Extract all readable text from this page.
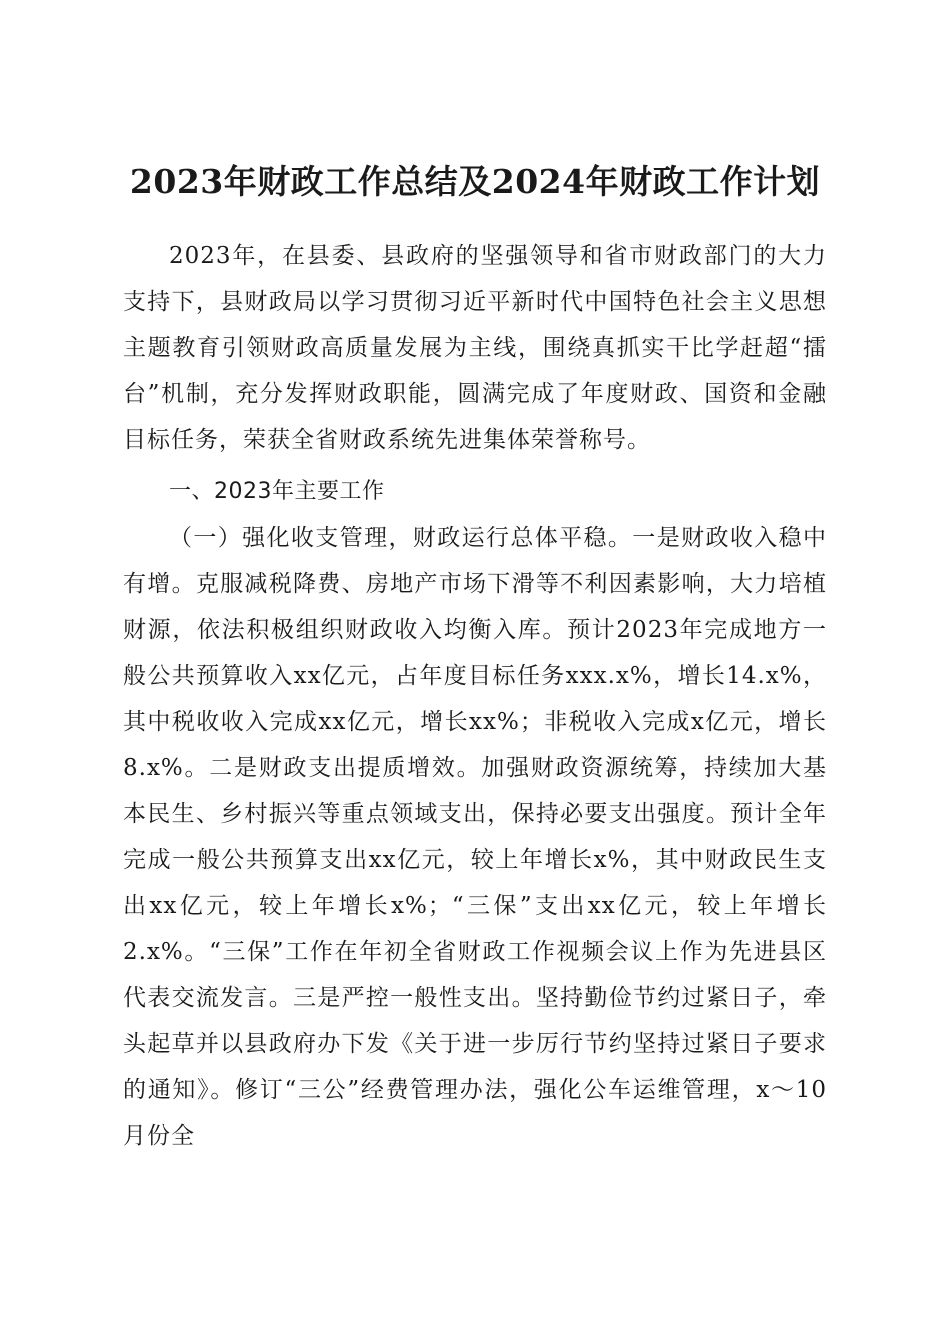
2023年财政工作总结及2024年财政工作计划

2023年，在县委、县政府的坚强领导和省市财政部门的大力支持下，县财政局以学习贯彻习近平新时代中国特色社会主义思想主题教育引领财政高质量发展为主线，围绕真抓实干比学赶超“擂台”机制，充分发挥财政职能，圆满完成了年度财政、国资和金融目标任务，荣获全省财政系统先进集体荣誉称号。

一、2023年主要工作

（一）强化收支管理，财政运行总体平稳。一是财政收入稳中有增。克服减税降费、房地产市场下滑等不利因素影响，大力培植财源，依法积极组织财政收入均衡入库。预计2023年完成地方一般公共预算收入xx亿元，占年度目标任务xxx.x%，增长14.x%，其中税收收入完成xx亿元，增长xx%；非税收入完成x亿元，增长8.x%。二是财政支出提质增效。加强财政资源统筹，持续加大基本民生、乡村振兴等重点领域支出，保持必要支出强度。预计全年完成一般公共预算支出xx亿元，较上年增长x%，其中财政民生支出xx亿元，较上年增长x%；“三保”支出xx亿元，较上年增长2.x%。“三保”工作在年初全省财政工作视频会议上作为先进县区代表交流发言。三是严控一般性支出。坚持勤俭节约过紧日子，牵头起草并以县政府办下发《关于进一步厉行节约坚持过紧日子要求的通知》。修订“三公”经费管理办法，强化公车运维管理，x～10月份全
